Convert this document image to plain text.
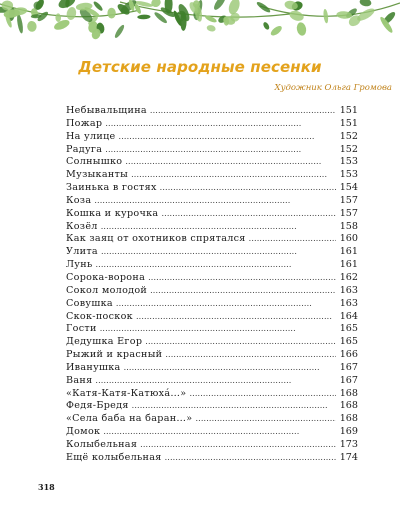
Детские народные песенки
Художник Ольга Громова
Небывальщина . . .	151
Пожар . . .	151
На улице . . .	152
Радуга . . .	152
Солнышко . . .	153
Музыканты . . .	153
Заинька в гостях . . .	154
Коза . . .	157
Кошка и курочка . . .	157
Козёл . . .	158
Как заяц от охотников спрятался . . .	160
Улита . . .	161
Лунь . . .	161
Сорока-ворона . . .	162
Сокол молодой . . .	163
Совушка . . .	163
Скок-поскок . . .	164
Гости . . .	165
Дедушка Егор . . .	165
Рыжий и красный . . .	166
Иванушка . . .	167
Ваня . . .	167
«Катя-Катя-Катюха́…» . . .	168
Федя-Бредя . . .	168
«Села баба на баран…» . . .	168
Домок . . .	169
Колыбельная . . .	173
Ещё колыбельная . . .	174
318
